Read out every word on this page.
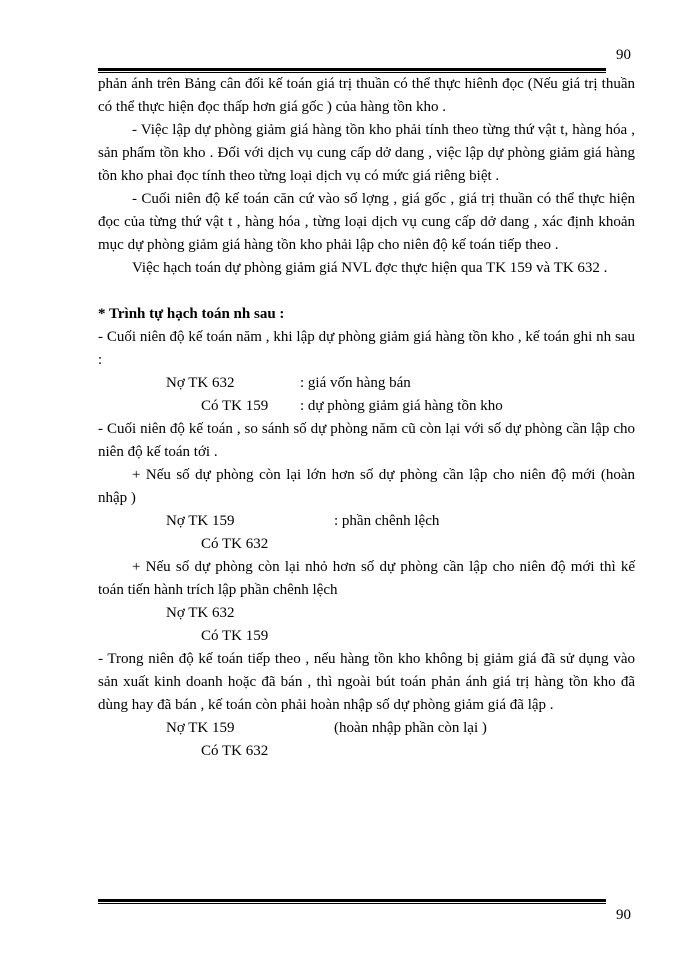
90

phản ánh trên Bảng cân đối kế toán giá trị thuần có thể thực hiênh đọc (Nếu giá trị thuần có thể thực hiện đọc thấp hơn giá gốc ) của hàng tồn kho .

- Việc lập dự phòng giảm giá hàng tồn kho phải tính theo từng thứ vật t, hàng hóa , sản phẩm tồn kho . Đối với dịch vụ cung cấp dở dang , việc lập dự phòng giảm giá hàng tồn kho phai đọc tính theo từng loại dịch vụ có mức giá riêng biệt .

- Cuối niên độ kế toán căn cứ vào số lợng , giá gốc , giá trị thuần có thể thực hiện đọc của từng thứ vật t , hàng hóa , từng loại dịch vụ cung cấp dở dang , xác định khoản mục dự phòng giảm giá hàng tồn kho phải lập cho niên độ kế toán tiếp theo .

Việc hạch toán dự phòng giảm giá NVL đợc thực hiện qua TK 159 và TK 632 .

* Trình tự hạch toán nh sau :

- Cuối niên độ kế toán năm , khi lập dự phòng giảm giá hàng tồn kho , kế toán ghi nh sau :

Nợ TK 632	: giá vốn hàng bán

Có TK 159 : dự phòng giảm giá hàng tồn kho

- Cuối niên độ kế toán , so sánh số dự phòng năm cũ còn lại với số dự phòng cần lập cho niên độ kế toán tới .

+ Nếu số dự phòng còn lại lớn hơn số dự phòng cần lập cho niên độ mới (hoàn nhập )

Nợ TK 159	: phần chênh lệch

Có TK 632

+ Nếu số dự phòng còn lại nhỏ hơn số dự phòng cần lập cho niên độ mới thì kế toán tiến hành trích lập phần chênh lệch

Nợ TK 632

Có TK 159

- Trong niên độ kế toán tiếp theo , nếu hàng tồn kho không bị giảm giá đã sử dụng vào sản xuất kinh doanh hoặc đã bán , thì ngoài bút toán phản ánh giá trị hàng tồn kho đã dùng hay đã bán , kế toán còn phải hoàn nhập số dự phòng giảm giá đã lập .

Nợ TK 159	(hoàn nhập phần còn lại )

Có TK 632

90
